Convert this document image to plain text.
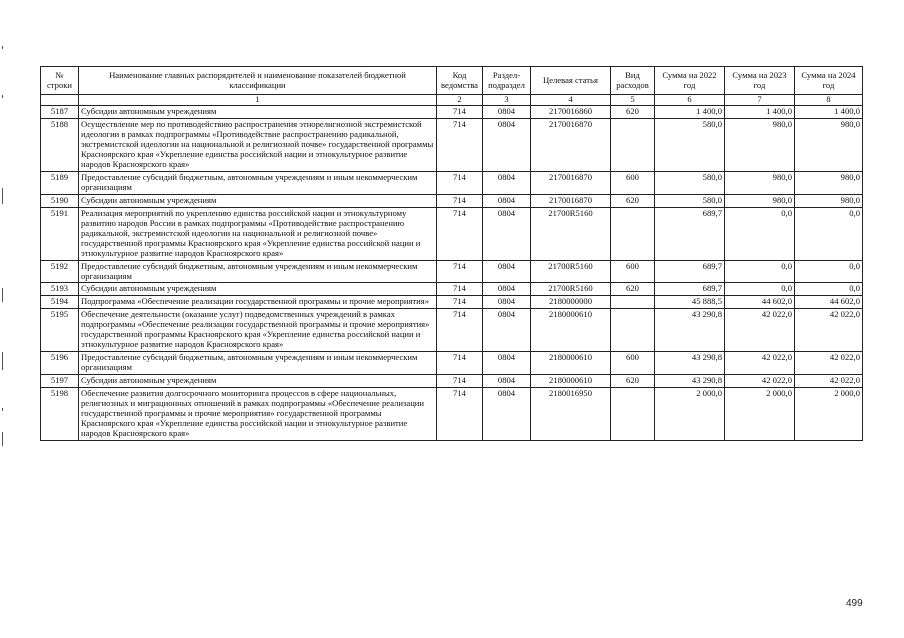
№ строки	Наименование главных распорядителей и наименование показателей бюджетной классификации	Код ведомства	Раздел-подраздел	Целевая статья	Вид расходов	Сумма на 2022 год	Сумма на 2023 год	Сумма на 2024 год
	1	2	3	4	5	6	7	8
5187	Субсидии автономным учреждениям	714	0804	2170016860	620	1 400,0	1 400,0	1 400,0
5188	Осуществление мер по противодействию распространения этнорелигиозной экстремистской идеологии в рамках подпрограммы «Противодействие распространению радикальной, экстремистской идеологии на национальной и религиозной почве» государственной программы Красноярского края «Укрепление единства российской нации и этнокультурное развитие народов Красноярского края»	714	0804	2170016870		580,0	980,0	980,0
5189	Предоставление субсидий бюджетным, автономным учреждениям и иным некоммерческим организациям	714	0804	2170016870	600	580,0	980,0	980,0
5190	Субсидии автономным учреждениям	714	0804	2170016870	620	580,0	980,0	980,0
5191	Реализация мероприятий по укреплению единства российской нации и этнокультурному развитию народов России в рамках подпрограммы «Противодействие распространению радикальной, экстремистской идеологии на национальной и религиозной почве» государственной программы Красноярского края «Укрепление единства российской нации и этнокультурное развитие народов Красноярского края»	714	0804	21700R5160		689,7	0,0	0,0
5192	Предоставление субсидий бюджетным, автономным учреждениям и иным некоммерческим организациям	714	0804	21700R5160	600	689,7	0,0	0,0
5193	Субсидии автономным учреждениям	714	0804	21700R5160	620	689,7	0,0	0,0
5194	Подпрограмма «Обеспечение реализации государственной программы и прочие мероприятия»	714	0804	2180000000		45 888,5	44 602,0	44 602,0
5195	Обеспечение деятельности (оказание услуг) подведомственных учреждений в рамках подпрограммы «Обеспечение реализации государственной программы и прочие мероприятия» государственной программы Красноярского края «Укрепление единства российской нации и этнокультурное развитие народов Красноярского края»	714	0804	2180000610		43 290,8	42 022,0	42 022,0
5196	Предоставление субсидий бюджетным, автономным учреждениям и иным некоммерческим организациям	714	0804	2180000610	600	43 290,8	42 022,0	42 022,0
5197	Субсидии автономным учреждениям	714	0804	2180000610	620	43 290,8	42 022,0	42 022,0
5198	Обеспечение развития долгосрочного мониторинга процессов в сфере национальных, религиозных и миграционных отношений в рамках подпрограммы «Обеспечение реализации государственной программы и прочие мероприятия» государственной программы Красноярского края «Укрепление единства российской нации и этнокультурное развитие народов Красноярского края»	714	0804	2180016950		2 000,0	2 000,0	2 000,0
499
